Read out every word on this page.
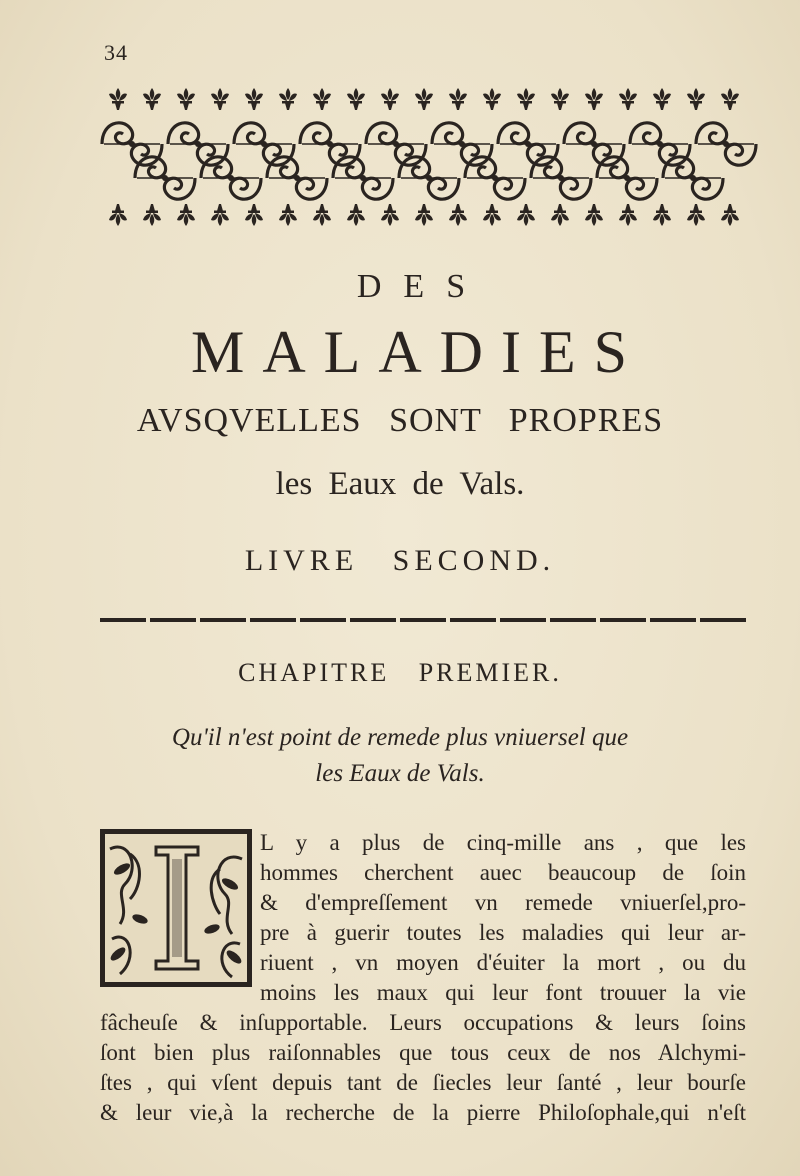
34
DES
MALADIES
AVSQVELLES SONT PROPRES
les Eaux de Vals.
LIVRE SECOND.
CHAPITRE PREMIER.
Qu'il n'est point de remede plus vniuersel que
les Eaux de Vals.
L y a plus de cinq-mille ans , que les
hommes cherchent auec beaucoup de ſoin
& d'empreſſement vn remede vniuerſel,pro-
pre à guerir toutes les maladies qui leur ar-
riuent , vn moyen d'éuiter la mort , ou du
moins les maux qui leur font trouuer la vie
fâcheuſe & inſupportable. Leurs occupations & leurs ſoins
ſont bien plus raiſonnables que tous ceux de nos Alchymi-
ſtes , qui vſent depuis tant de ſiecles leur ſanté , leur bourſe
& leur vie,à la recherche de la pierre Philoſophale,qui n'eſt
